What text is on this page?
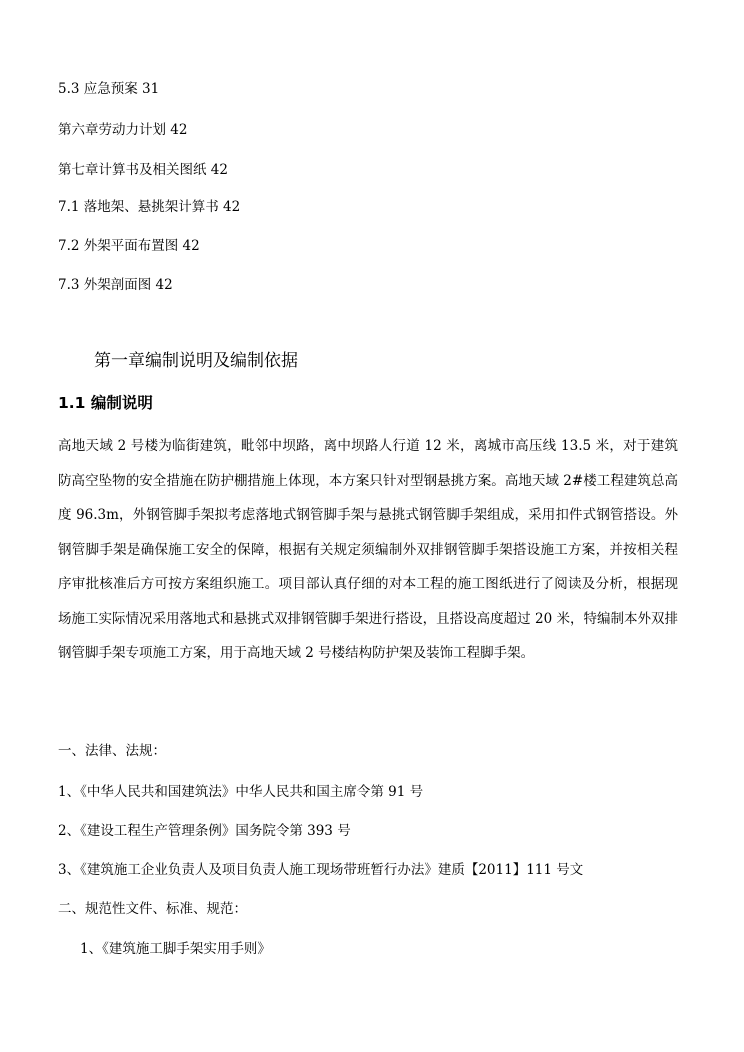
5.3 应急预案 31
第六章劳动力计划 42
第七章计算书及相关图纸 42
7.1 落地架、悬挑架计算书 42
7.2 外架平面布置图 42
7.3 外架剖面图 42
第一章编制说明及编制依据
1.1 编制说明
高地天域 2 号楼为临街建筑，毗邻中坝路，离中坝路人行道 12 米，离城市高压线 13.5 米，对于建筑防高空坠物的安全措施在防护棚措施上体现，本方案只针对型钢悬挑方案。高地天域 2#楼工程建筑总高度 96.3m，外钢管脚手架拟考虑落地式钢管脚手架与悬挑式钢管脚手架组成，采用扣件式钢管搭设。外钢管脚手架是确保施工安全的保障，根据有关规定须编制外双排钢管脚手架搭设施工方案，并按相关程序审批核准后方可按方案组织施工。项目部认真仔细的对本工程的施工图纸进行了阅读及分析，根据现场施工实际情况采用落地式和悬挑式双排钢管脚手架进行搭设，且搭设高度超过 20 米，特编制本外双排钢管脚手架专项施工方案，用于高地天域 2 号楼结构防护架及装饰工程脚手架。
一、法律、法规：
1、《中华人民共和国建筑法》中华人民共和国主席令第 91 号
2、《建设工程生产管理条例》国务院令第 393 号
3、《建筑施工企业负责人及项目负责人施工现场带班暂行办法》建质【2011】111 号文
二、规范性文件、标准、规范：
1、《建筑施工脚手架实用手则》
